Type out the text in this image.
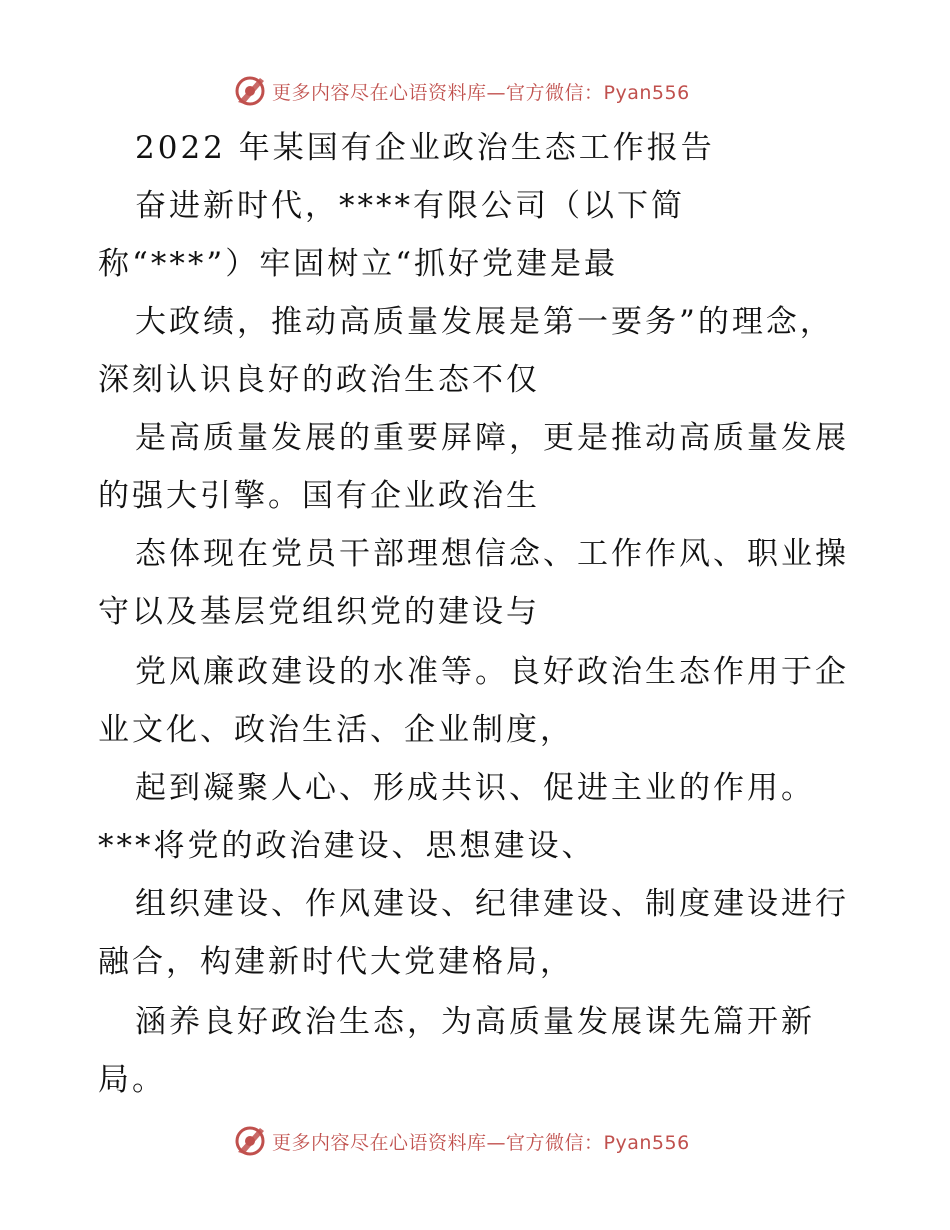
更多内容尽在心语资料库—官方微信：Pyan556
2022 年某国有企业政治生态工作报告
奋进新时代，****有限公司（以下简
称“***”）牢固树立“抓好党建是最
大政绩，推动高质量发展是第一要务”的理念，
深刻认识良好的政治生态不仅
是高质量发展的重要屏障，更是推动高质量发展
的强大引擎。国有企业政治生
态体现在党员干部理想信念、工作作风、职业操
守以及基层党组织党的建设与
党风廉政建设的水准等。良好政治生态作用于企
业文化、政治生活、企业制度，
起到凝聚人心、形成共识、促进主业的作用。
***将党的政治建设、思想建设、
组织建设、作风建设、纪律建设、制度建设进行
融合，构建新时代大党建格局，
涵养良好政治生态，为高质量发展谋先篇开新
局。
更多内容尽在心语资料库—官方微信：Pyan556
